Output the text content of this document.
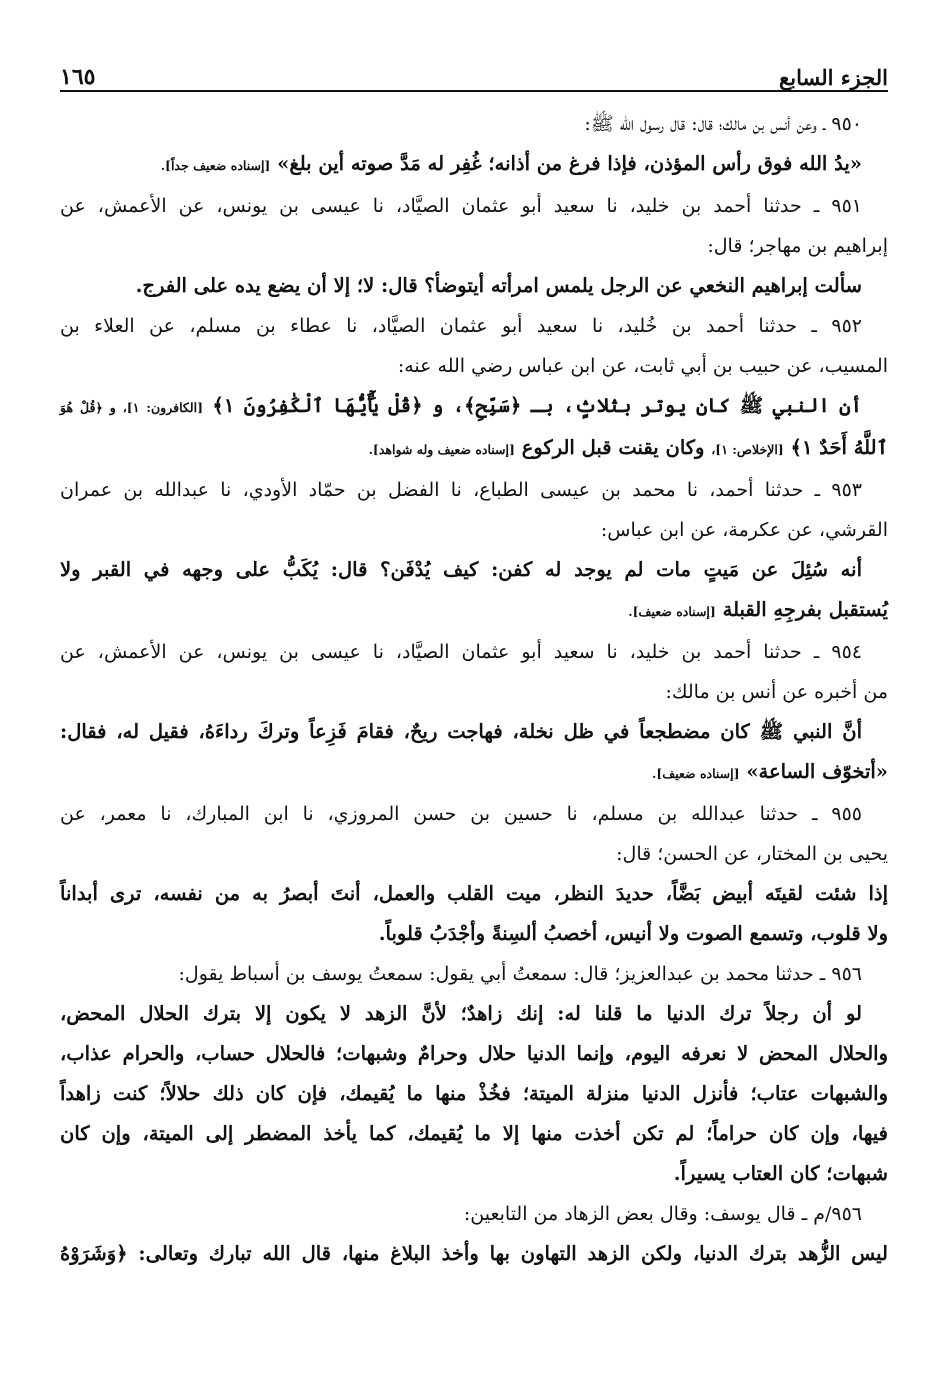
الجزء السابع
١٦٥
٩٥٠ ـ وعن أنس بن مالك؛ قال: قال رسول الله ﷺ:
«يدُ الله فوق رأس المؤذن، فإذا فرغ من أذانه؛ غُفِر له مَدَّ صوته أين بلغ» [إسناده ضعيف جداً].
٩٥١ ـ حدثنا أحمد بن خليد، نا سعيد أبو عثمان الصيَّاد، نا عيسى بن يونس، عن الأعمش، عن
إبراهيم بن مهاجر؛ قال:
سألت إبراهيم النخعي عن الرجل يلمس امرأته أيتوضأ؟ قال: لا؛ إلا أن يضع يده على الفرج.
٩٥٢ ـ حدثنا أحمد بن خُليد، نا سعيد أبو عثمان الصيَّاد، نا عطاء بن مسلم، عن العلاء بن
المسيب، عن حبيب بن أبي ثابت، عن ابن عباس رضي الله عنه:
أن النبي ﷺ كان يوتر بثلاثٍ، بـ ﴿سَبِّحِ﴾، و ﴿قُلْ يَٰٓأَيُّهَا ٱلْكَٰفِرُونَ ١﴾ [الكافرون: ١]، و ﴿قُلْ هُوَ
ٱللَّهُ أَحَدٌ ١﴾ [الإخلاص: ١]، وكان يقنت قبل الركوع [إسناده ضعيف وله شواهد].
٩٥٣ ـ حدثنا أحمد، نا محمد بن عيسى الطباع، نا الفضل بن حمّاد الأودي، نا عبدالله بن عمران
القرشي، عن عكرمة، عن ابن عباس:
أنه سُئِلَ عن مَيتٍ مات لم يوجد له كفن: كيف يُدْفَن؟ قال: يُكَبُّ على وجهه في القبر ولا
يُستقبل بفرجِهِ القبلة [إسناده ضعيف].
٩٥٤ ـ حدثنا أحمد بن خليد، نا سعيد أبو عثمان الصيَّاد، نا عيسى بن يونس، عن الأعمش، عن
من أخبره عن أنس بن مالك:
أنَّ النبي ﷺ كان مضطجعاً في ظل نخلة، فهاجت ريحٌ، فقامَ فَزِعاً وتركَ رداءَهُ، فقيل له، فقال:
«أتخوّف الساعة» [إسناده ضعيف].
٩٥٥ ـ حدثنا عبدالله بن مسلم، نا حسين بن حسن المروزي، نا ابن المبارك، نا معمر، عن
يحيى بن المختار، عن الحسن؛ قال:
إذا شئت لقيتَه أبيض بَضَّاً، حديدَ النظر، ميت القلب والعمل، أنتَ أبصرُ به من نفسه، ترى أبداناً
ولا قلوب، وتسمع الصوت ولا أنيس، أخصبُ ألسِنةً وأجْدَبُ قلوباً.
٩٥٦ ـ حدثنا محمد بن عبدالعزيز؛ قال: سمعتُ أبي يقول: سمعتُ يوسف بن أسباط يقول:
لو أن رجلاً ترك الدنيا ما قلنا له: إنك زاهدٌ؛ لأنَّ الزهد لا يكون إلا بترك الحلال المحض،
والحلال المحض لا نعرفه اليوم، وإنما الدنيا حلال وحرامٌ وشبهات؛ فالحلال حساب، والحرام عذاب،
والشبهات عتاب؛ فأنزل الدنيا منزلة الميتة؛ فخُذْ منها ما يُقيمك، فإن كان ذلك حلالاً؛ كنت زاهداً
فيها، وإن كان حراماً؛ لم تكن أخذت منها إلا ما يُقيمك، كما يأخذ المضطر إلى الميتة، وإن كان
شبهات؛ كان العتاب يسيراً.
٩٥٦/م ـ قال يوسف: وقال بعض الزهاد من التابعين:
ليس الزُّهد بترك الدنيا، ولكن الزهد التهاون بها وأخذ البلاغ منها، قال الله تبارك وتعالى: ﴿وَشَرَوْهُ
